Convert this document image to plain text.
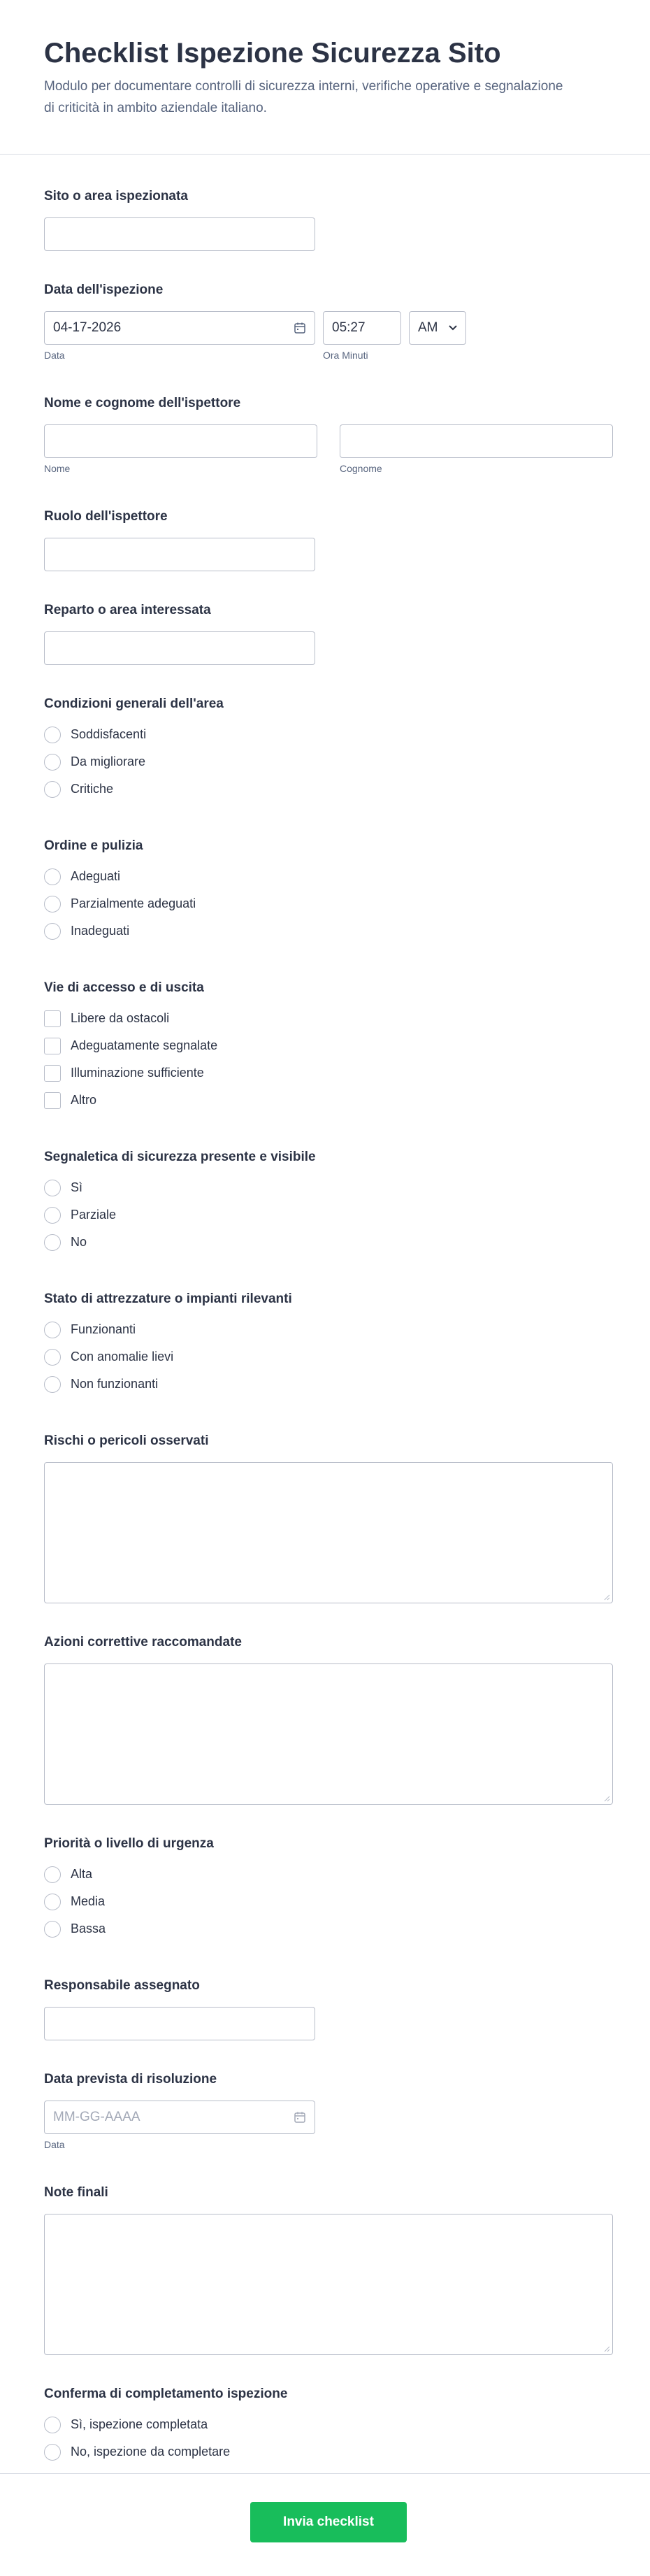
Checklist Ispezione Sicurezza Sito

Modulo per documentare controlli di sicurezza interni, verifiche operative e segnalazione di criticità in ambito aziendale italiano.

Sito o area ispezionata
Data dell'ispezione
04-17-2026
Data
05:27
Ora Minuti
AM
Nome e cognome dell'ispettore
Nome	Cognome
Ruolo dell'ispettore
Reparto o area interessata
Condizioni generali dell'area
Soddisfacenti
Da migliorare
Critiche
Ordine e pulizia
Adeguati
Parzialmente adeguati
Inadeguati
Vie di accesso e di uscita
Libere da ostacoli
Adeguatamente segnalate
Illuminazione sufficiente
Altro
Segnaletica di sicurezza presente e visibile
Sì
Parziale
No
Stato di attrezzature o impianti rilevanti
Funzionanti
Con anomalie lievi
Non funzionanti
Rischi o pericoli osservati
Azioni correttive raccomandate
Priorità o livello di urgenza
Alta
Media
Bassa
Responsabile assegnato
Data prevista di risoluzione
MM-GG-AAAA
Data
Note finali
Conferma di completamento ispezione
Sì, ispezione completata
No, ispezione da completare
Invia checklist
